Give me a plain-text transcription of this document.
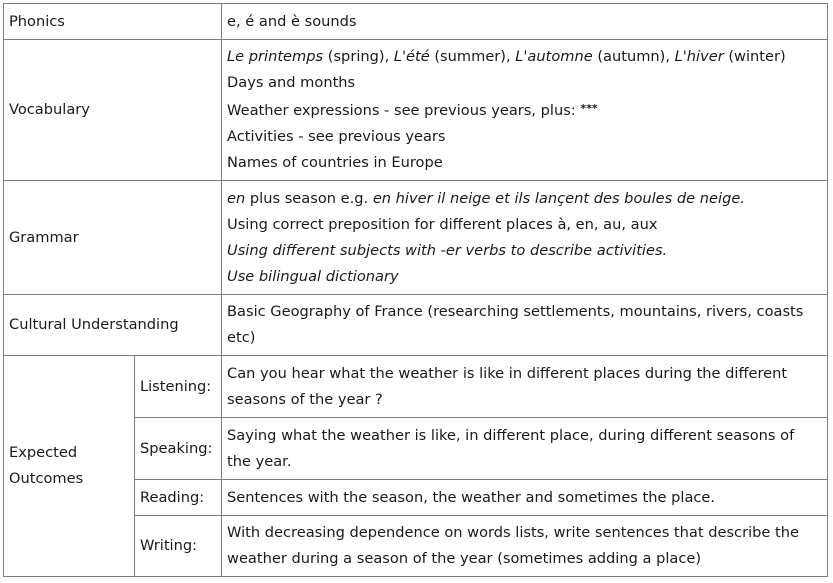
Phonics		e, é and è sounds
Vocabulary		Le printemps (spring), L'été (summer), L'automne (autumn), L'hiver (winter)
Days and months
Weather expressions - see previous years, plus: ***
Activities - see previous years
Names of countries in Europe

Grammar		en plus season e.g. en hiver il neige et ils lançent des boules de neige.
Using correct preposition for different places à, en, au, aux
Using different subjects with -er verbs to describe activities.
Use bilingual dictionary

Cultural Understanding		Basic Geography of France (researching settlements, mountains, rivers, coasts etc)

Expected
Outcomes	Listening:	Can you hear what the weather is like in different places during the different seasons of the year ?

	Speaking:	Saying what the weather is like, in different place, during different seasons of the year.

	Reading:	Sentences with the season, the weather and sometimes the place.
	Writing:	With decreasing dependence on words lists, write sentences that describe the weather during a season of the year (sometimes adding a place)
